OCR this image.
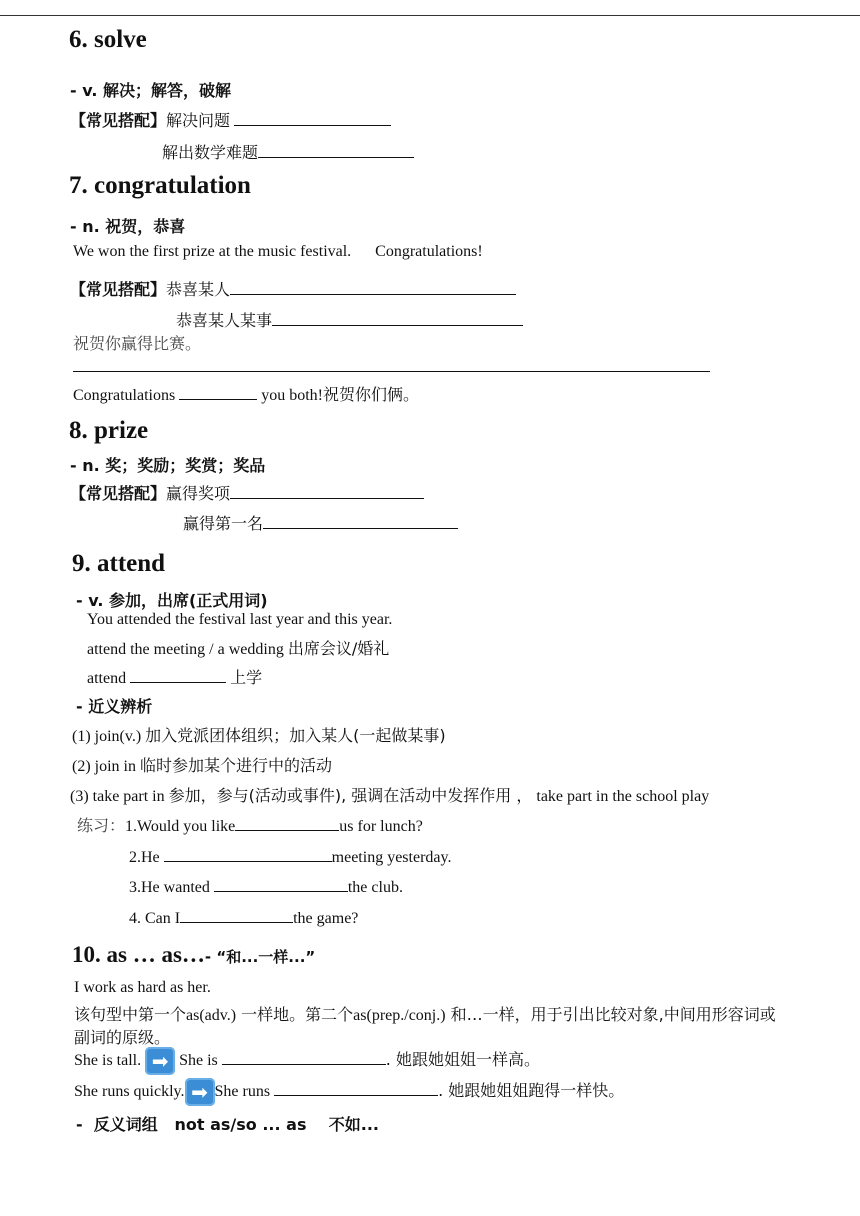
6. solve
- v. 解决；解答，破解
【常见搭配】解决问题
解出数学难题
7. congratulation
- n. 祝贺，恭喜
We won the first prize at the music festival.      Congratulations!
【常见搭配】恭喜某人
恭喜某人某事
祝贺你赢得比赛。
Congratulations	you both!祝贺你们俩。
8. prize
- n. 奖；奖励；奖赏；奖品
【常见搭配】赢得奖项
赢得第一名
9. attend
- v. 参加，出席(正式用词)
You attended the festival last year and this year.
attend the meeting / a wedding 出席会议/婚礼
attend	上学
- 近义辨析
(1) join(v.) 加入党派团体组织；加入某人(一起做某事)
(2) join in 临时参加某个进行中的活动
(3) take part in 参加，参与(活动或事件), 强调在活动中发挥作用 ， take part in the school play
练习：1.Would you like	us for lunch?
2.He	meeting yesterday.
3.He wanted	the club.
4. Can I	the game?
10. as … as…- “和...一样...”
I work as hard as her.
该句型中第一个as(adv.) 一样地。第二个as(prep./conj.) 和…一样，用于引出比较对象,中间用形容词或
副词的原级。
She is tall. ➡ She is	. 她跟她姐姐一样高。
She runs quickly. ➡ She runs	. 她跟她姐姐跑得一样快。
-  反义词组   not as/so ... as    不如...
